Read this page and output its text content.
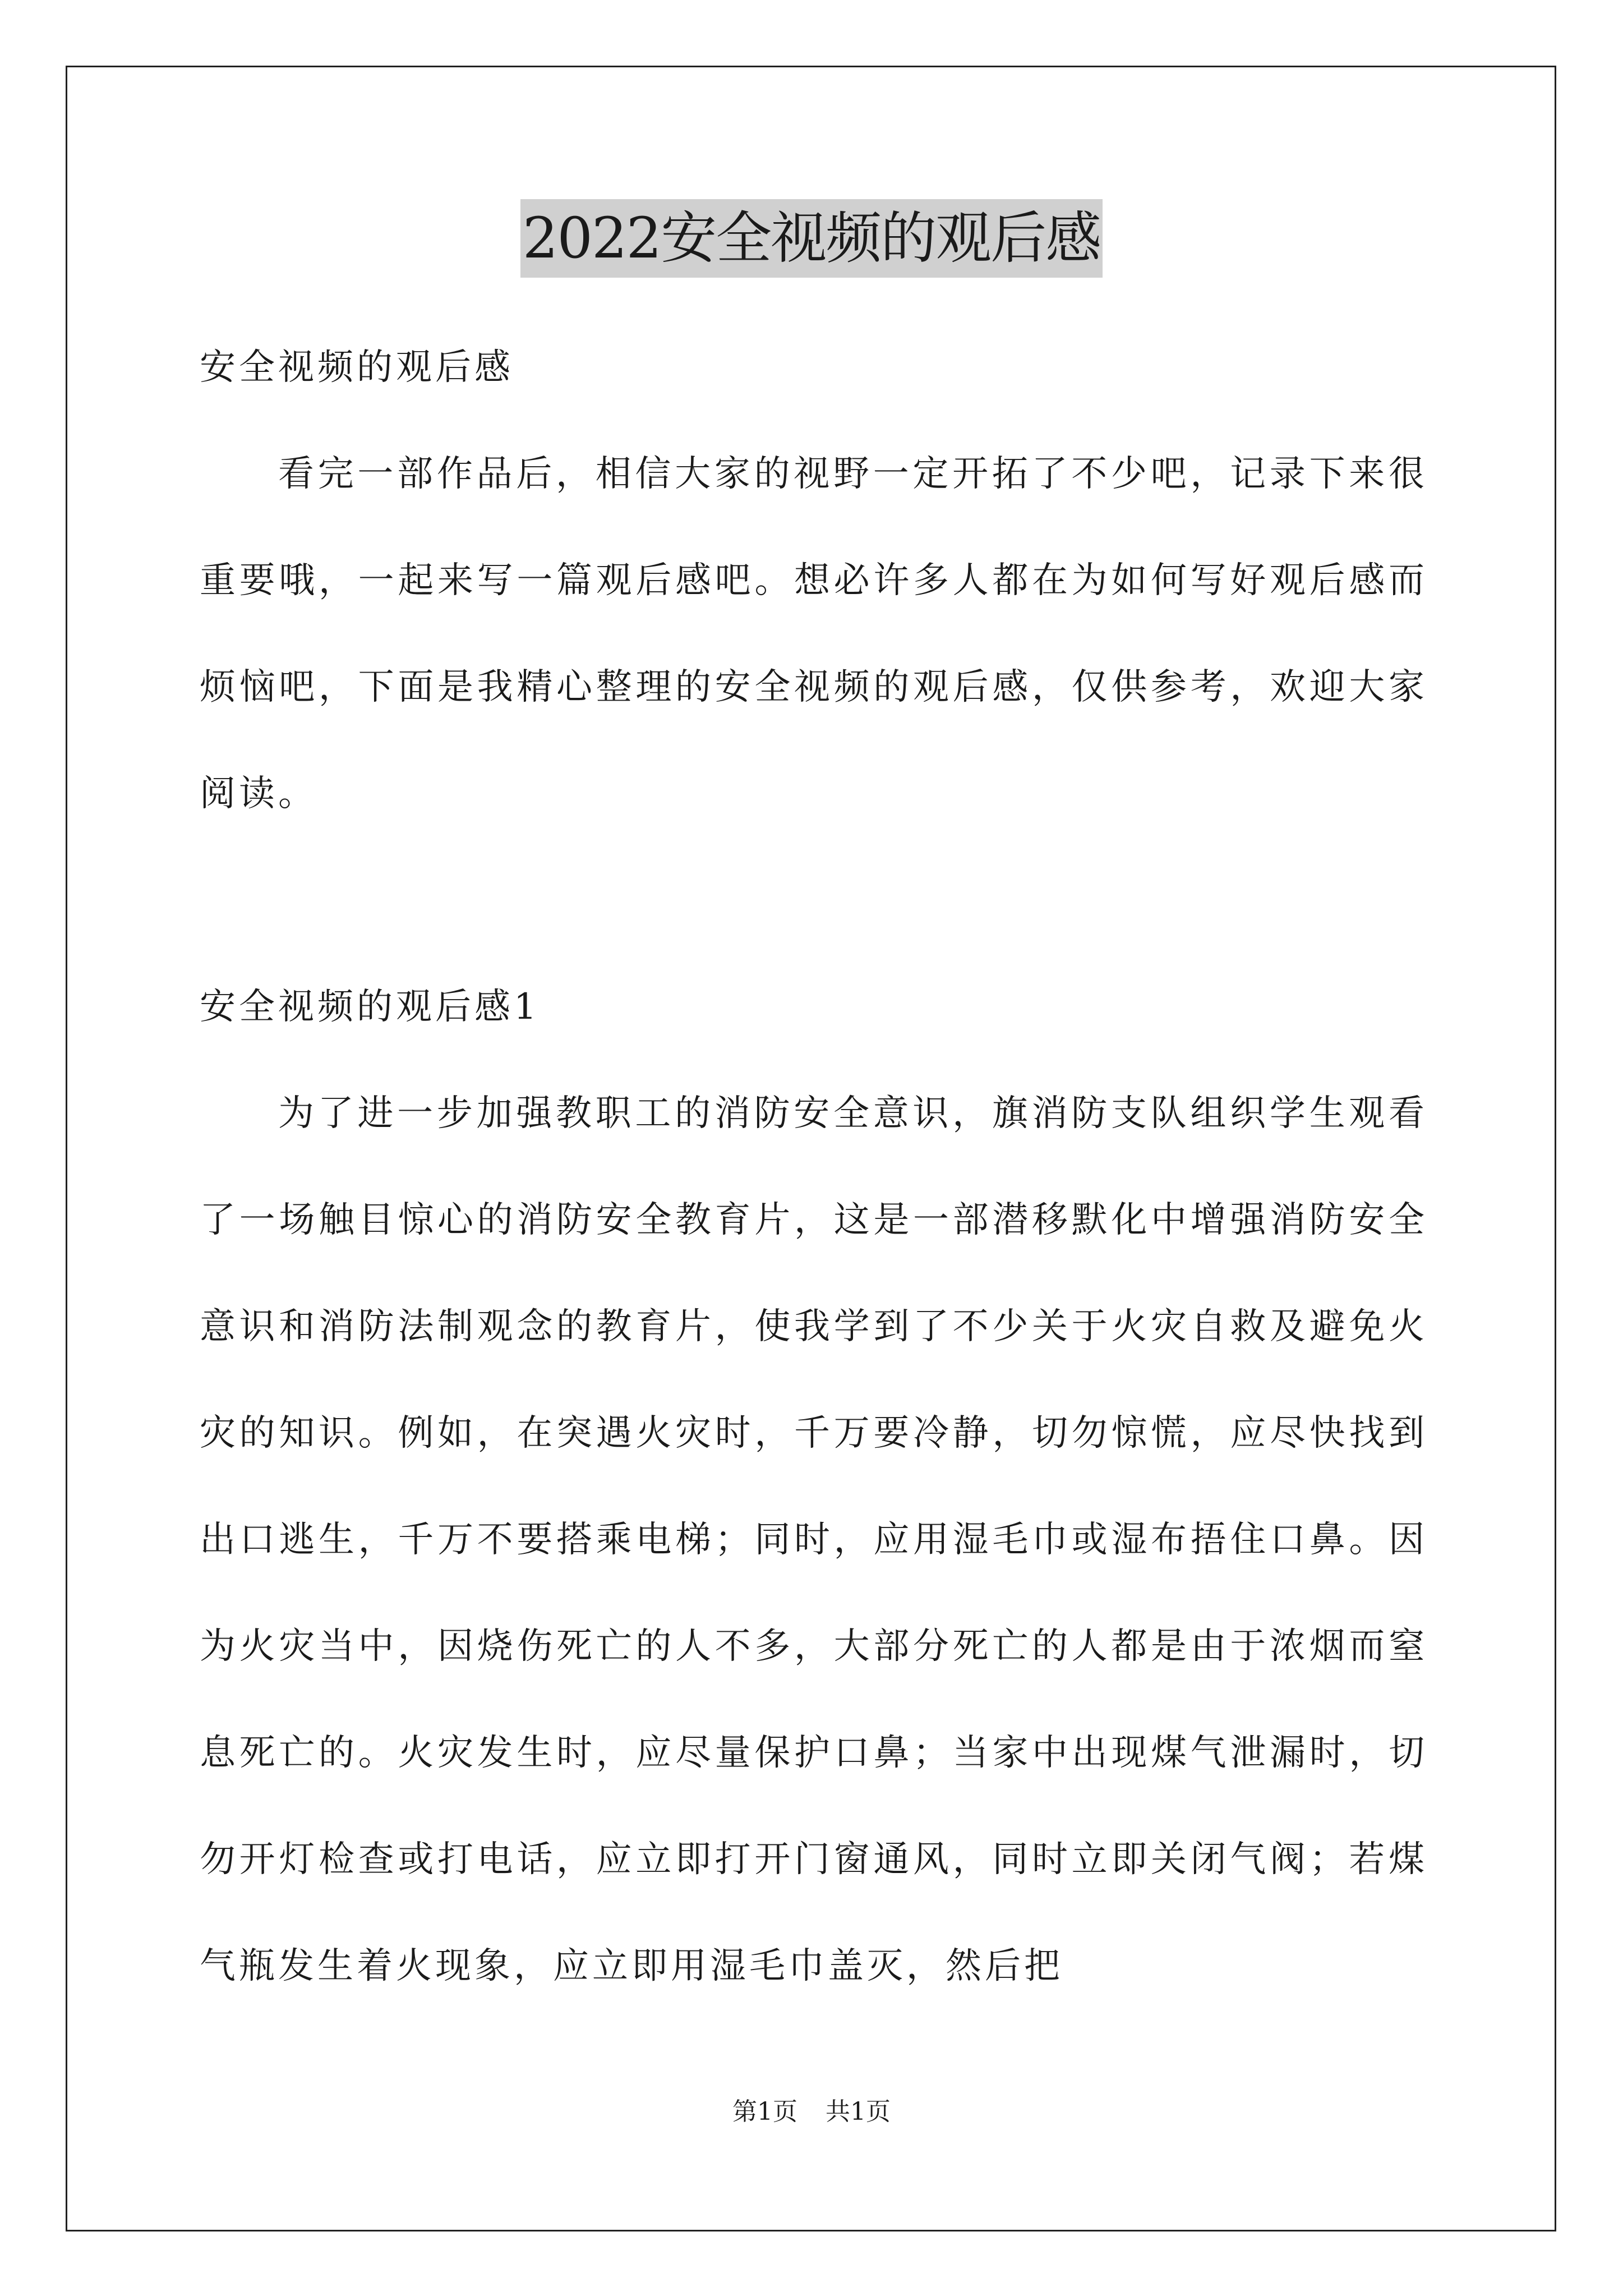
2022安全视频的观后感

安全视频的观后感

看完一部作品后，相信大家的视野一定开拓了不少吧，记录下来很重要哦，一起来写一篇观后感吧。想必许多人都在为如何写好观后感而烦恼吧，下面是我精心整理的安全视频的观后感，仅供参考，欢迎大家阅读。

安全视频的观后感1

为了进一步加强教职工的消防安全意识，旗消防支队组织学生观看了一场触目惊心的消防安全教育片，这是一部潜移默化中增强消防安全意识和消防法制观念的教育片，使我学到了不少关于火灾自救及避免火灾的知识。例如，在突遇火灾时，千万要冷静，切勿惊慌，应尽快找到出口逃生，千万不要搭乘电梯；同时，应用湿毛巾或湿布捂住口鼻。因为火灾当中，因烧伤死亡的人不多，大部分死亡的人都是由于浓烟而窒息死亡的。火灾发生时，应尽量保护口鼻；当家中出现煤气泄漏时，切勿开灯检查或打电话，应立即打开门窗通风，同时立即关闭气阀；若煤气瓶发生着火现象，应立即用湿毛巾盖灭，然后把

第1页 共1页
